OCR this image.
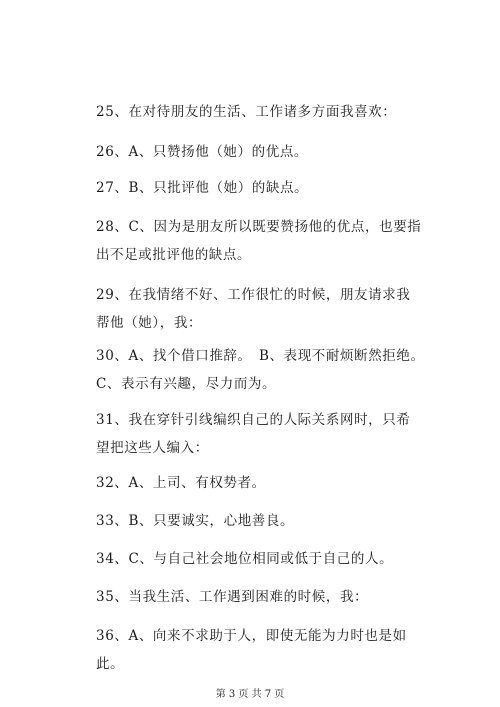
25、在对待朋友的生活、工作诸多方面我喜欢：

26、A、只赞扬他（她）的优点。

27、B、只批评他（她）的缺点。

28、C、因为是朋友所以既要赞扬他的优点，也要指出不足或批评他的缺点。

29、在我情绪不好、工作很忙的时候，朋友请求我帮他（她），我：

30、A、找个借口推辞。　B、表现不耐烦断然拒绝。　C、表示有兴趣，尽力而为。

31、我在穿针引线编织自己的人际关系网时，只希望把这些人编入：

32、A、上司、有权势者。

33、B、只要诚实，心地善良。

34、C、与自己社会地位相同或低于自己的人。

35、当我生活、工作遇到困难的时候，我：

36、A、向来不求助于人，即使无能为力时也是如此。

第 3 页 共 7 页
